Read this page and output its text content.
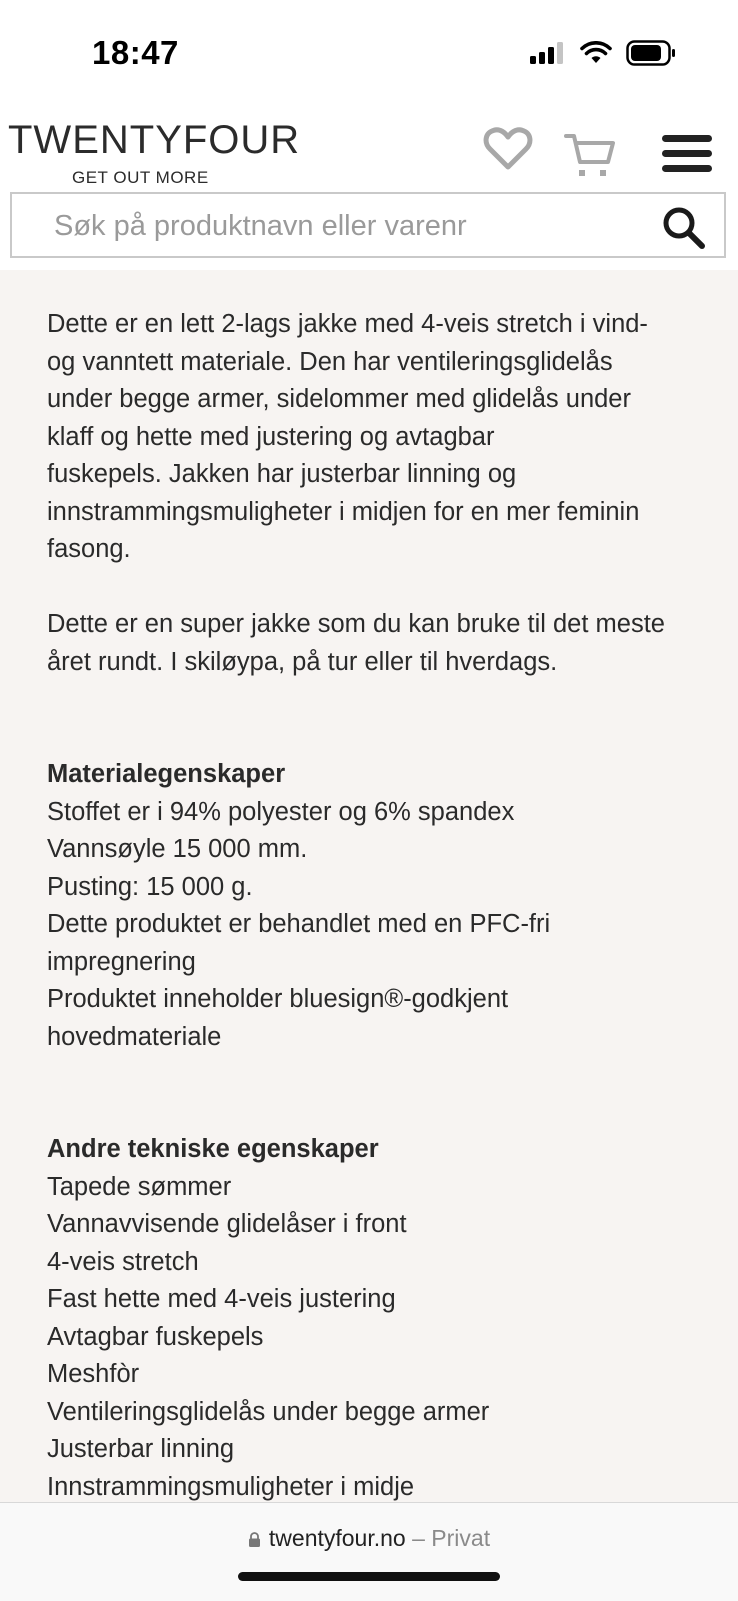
18:47
TWENTYFOUR
GET OUT MORE
Søk på produktnavn eller varenr
Dette er en lett 2-lags jakke med 4-veis stretch i vind-
og vanntett materiale. Den har ventileringsglidelås
under begge armer, sidelommer med glidelås under
klaff og hette med justering og avtagbar
fuskepels. Jakken har justerbar linning og
innstrammingsmuligheter i midjen for en mer feminin
fasong.
Dette er en super jakke som du kan bruke til det meste
året rundt. I skiløypa, på tur eller til hverdags.
Materialegenskaper
Stoffet er i 94% polyester og 6% spandex
Vannsøyle 15 000 mm.
Pusting: 15 000 g.
Dette produktet er behandlet med en PFC-fri
impregnering
Produktet inneholder bluesign®-godkjent
hovedmateriale
Andre tekniske egenskaper
Tapede sømmer
Vannavvisende glidelåser i front
4-veis stretch
Fast hette med 4-veis justering
Avtagbar fuskepels
Meshfòr
Ventileringsglidelås under begge armer
Justerbar linning
Innstrammingsmuligheter i midje
twentyfour.no – Privat
